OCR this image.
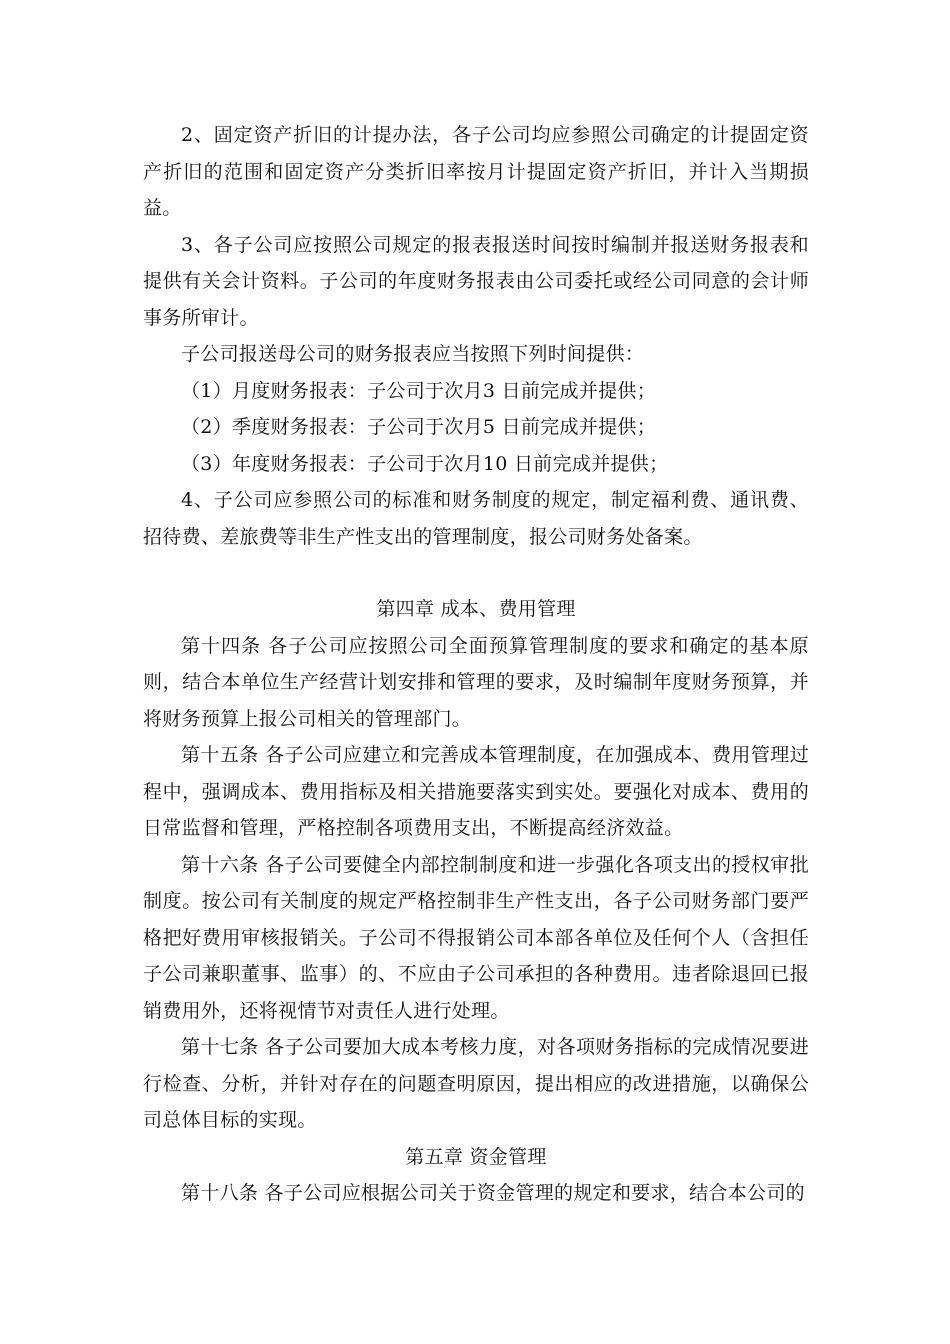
2、固定资产折旧的计提办法，各子公司均应参照公司确定的计提固定资产折旧的范围和固定资产分类折旧率按月计提固定资产折旧，并计入当期损益。

3、各子公司应按照公司规定的报表报送时间按时编制并报送财务报表和提供有关会计资料。子公司的年度财务报表由公司委托或经公司同意的会计师事务所审计。

子公司报送母公司的财务报表应当按照下列时间提供：

（1）月度财务报表：子公司于次月3 日前完成并提供；

（2）季度财务报表：子公司于次月5 日前完成并提供；

（3）年度财务报表：子公司于次月10 日前完成并提供；

4、子公司应参照公司的标准和财务制度的规定，制定福利费、通讯费、招待费、差旅费等非生产性支出的管理制度，报公司财务处备案。

第四章 成本、费用管理

第十四条 各子公司应按照公司全面预算管理制度的要求和确定的基本原则，结合本单位生产经营计划安排和管理的要求，及时编制年度财务预算，并将财务预算上报公司相关的管理部门。

第十五条 各子公司应建立和完善成本管理制度，在加强成本、费用管理过程中，强调成本、费用指标及相关措施要落实到实处。要强化对成本、费用的日常监督和管理，严格控制各项费用支出，不断提高经济效益。

第十六条 各子公司要健全内部控制制度和进一步强化各项支出的授权审批制度。按公司有关制度的规定严格控制非生产性支出，各子公司财务部门要严格把好费用审核报销关。子公司不得报销公司本部各单位及任何个人（含担任子公司兼职董事、监事）的、不应由子公司承担的各种费用。违者除退回已报销费用外，还将视情节对责任人进行处理。

第十七条 各子公司要加大成本考核力度，对各项财务指标的完成情况要进行检查、分析，并针对存在的问题查明原因，提出相应的改进措施，以确保公司总体目标的实现。

第五章 资金管理

第十八条 各子公司应根据公司关于资金管理的规定和要求，结合本公司的
